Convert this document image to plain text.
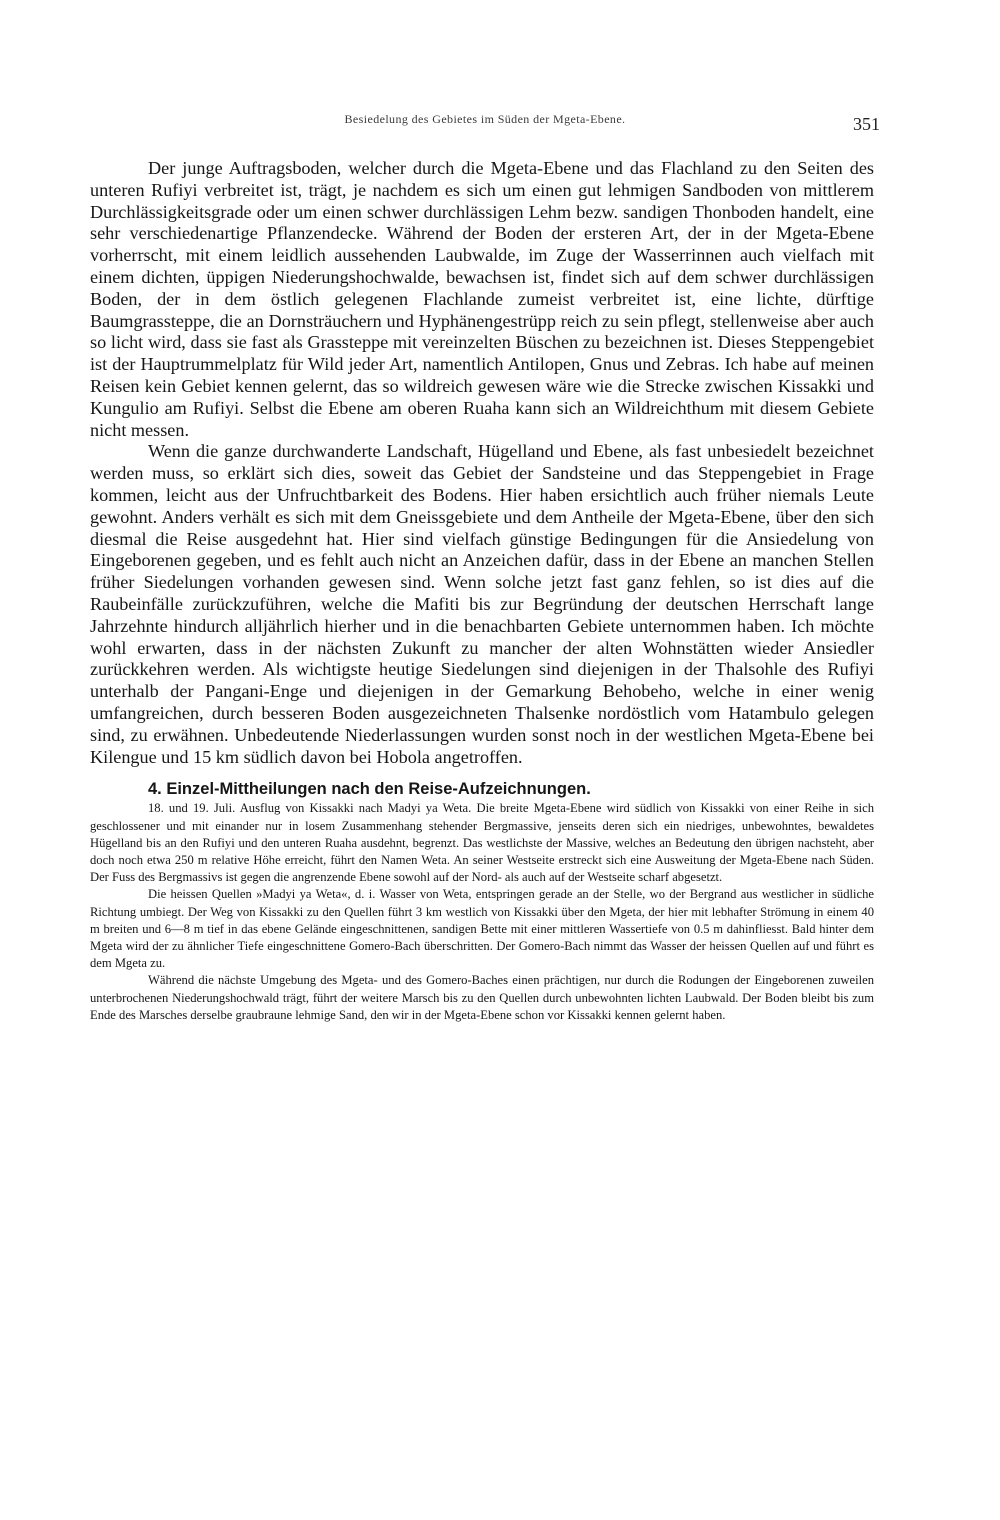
Besiedelung des Gebietes im Süden der Mgeta-Ebene.	351

Der junge Auftragsboden, welcher durch die Mgeta-Ebene und das Flachland zu den Seiten des unteren Rufiyi verbreitet ist, trägt, je nachdem es sich um einen gut lehmigen Sandboden von mittlerem Durchlässigkeitsgrade oder um einen schwer durchlässigen Lehm bezw. sandigen Thonboden handelt, eine sehr verschiedenartige Pflanzendecke. Während der Boden der ersteren Art, der in der Mgeta-Ebene vorherrscht, mit einem leidlich aussehenden Laubwalde, im Zuge der Wasserrinnen auch vielfach mit einem dichten, üppigen Niederungshochwalde, bewachsen ist, findet sich auf dem schwer durchlässigen Boden, der in dem östlich gelegenen Flachlande zumeist verbreitet ist, eine lichte, dürftige Baumgrassteppe, die an Dornsträuchern und Hyphänengestrüpp reich zu sein pflegt, stellenweise aber auch so licht wird, dass sie fast als Grassteppe mit vereinzelten Büschen zu bezeichnen ist. Dieses Steppengebiet ist der Hauptrummelplatz für Wild jeder Art, namentlich Antilopen, Gnus und Zebras. Ich habe auf meinen Reisen kein Gebiet kennen gelernt, das so wildreich gewesen wäre wie die Strecke zwischen Kissakki und Kungulio am Rufiyi. Selbst die Ebene am oberen Ruaha kann sich an Wildreichthum mit diesem Gebiete nicht messen.

Wenn die ganze durchwanderte Landschaft, Hügelland und Ebene, als fast unbesiedelt bezeichnet werden muss, so erklärt sich dies, soweit das Gebiet der Sandsteine und das Steppengebiet in Frage kommen, leicht aus der Unfruchtbarkeit des Bodens. Hier haben ersichtlich auch früher niemals Leute gewohnt. Anders verhält es sich mit dem Gneissgebiete und dem Antheile der Mgeta-Ebene, über den sich diesmal die Reise ausgedehnt hat. Hier sind vielfach günstige Bedingungen für die Ansiedelung von Eingeborenen gegeben, und es fehlt auch nicht an Anzeichen dafür, dass in der Ebene an manchen Stellen früher Siedelungen vorhanden gewesen sind. Wenn solche jetzt fast ganz fehlen, so ist dies auf die Raubeinfälle zurückzuführen, welche die Mafiti bis zur Begründung der deutschen Herrschaft lange Jahrzehnte hindurch alljährlich hierher und in die benachbarten Gebiete unternommen haben. Ich möchte wohl erwarten, dass in der nächsten Zukunft zu mancher der alten Wohnstätten wieder Ansiedler zurückkehren werden. Als wichtigste heutige Siedelungen sind diejenigen in der Thalsohle des Rufiyi unterhalb der Pangani-Enge und diejenigen in der Gemarkung Behobeho, welche in einer wenig umfangreichen, durch besseren Boden ausgezeichneten Thalsenke nordöstlich vom Hatambulo gelegen sind, zu erwähnen. Unbedeutende Niederlassungen wurden sonst noch in der westlichen Mgeta-Ebene bei Kilengue und 15 km südlich davon bei Hobola angetroffen.

4. Einzel-Mittheilungen nach den Reise-Aufzeichnungen.

18. und 19. Juli. Ausflug von Kissakki nach Madyi ya Weta. Die breite Mgeta-Ebene wird südlich von Kissakki von einer Reihe in sich geschlossener und mit einander nur in losem Zusammenhang stehender Bergmassive, jenseits deren sich ein niedriges, unbewohntes, bewaldetes Hügelland bis an den Rufiyi und den unteren Ruaha ausdehnt, begrenzt. Das westlichste der Massive, welches an Bedeutung den übrigen nachsteht, aber doch noch etwa 250 m relative Höhe erreicht, führt den Namen Weta. An seiner Westseite erstreckt sich eine Ausweitung der Mgeta-Ebene nach Süden. Der Fuss des Bergmassivs ist gegen die angrenzende Ebene sowohl auf der Nord- als auch auf der Westseite scharf abgesetzt.

Die heissen Quellen »Madyi ya Weta«, d. i. Wasser von Weta, entspringen gerade an der Stelle, wo der Bergrand aus westlicher in südliche Richtung umbiegt. Der Weg von Kissakki zu den Quellen führt 3 km westlich von Kissakki über den Mgeta, der hier mit lebhafter Strömung in einem 40 m breiten und 6—8 m tief in das ebene Gelände eingeschnittenen, sandigen Bette mit einer mittleren Wassertiefe von 0.5 m dahinfliesst. Bald hinter dem Mgeta wird der zu ähnlicher Tiefe eingeschnittene Gomero-Bach überschritten. Der Gomero-Bach nimmt das Wasser der heissen Quellen auf und führt es dem Mgeta zu.

Während die nächste Umgebung des Mgeta- und des Gomero-Baches einen prächtigen, nur durch die Rodungen der Eingeborenen zuweilen unterbrochenen Niederungshochwald trägt, führt der weitere Marsch bis zu den Quellen durch unbewohnten lichten Laubwald. Der Boden bleibt bis zum Ende des Marsches derselbe graubraune lehmige Sand, den wir in der Mgeta-Ebene schon vor Kissakki kennen gelernt haben.
